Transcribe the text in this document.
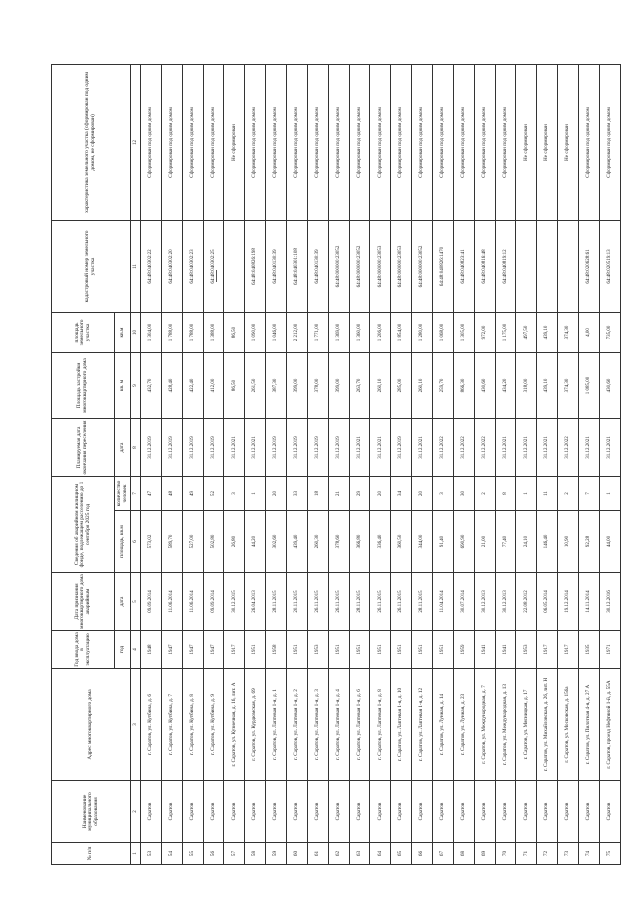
№ п/п	Наименование муниципального образования	Адрес многоквартирного дома	Год ввода дома в эксплуатацию	Дата признания многоквартирного дома аварийным	Сведения об аварийном жилищном фонде, подлежащем расселению до 1 сентября 2025 год		Планируемая дата окончания переселения	Площадь застройки многоквартирного дома	площадь земельного участка	кадастровый номер земельного участка	характеристика земельного участка (сформирован под одним домом, не сформирован)
			год	дата	площадь, кв.м	количество человек	дата	кв. м	кв.м		
1	2	3	4	5	6	7	8	9	10	11	12
53	Саратов	г. Саратов, ул. Кутбина, д. 6	1948	09.09.2014	573,02	47	31.12.2019	432,70	1 304,00	64:48:040302:22	Сформирован под одним домом
54	Саратов	г. Саратов, ул. Кутбина, д. 7	1947	11.06.2014	589,70	48	31.12.2019	428,40	1 788,00	64:48:040302:20	Сформирован под одним домом
55	Саратов	г. Саратов, ул. Кутбина, д. 8	1947	11.06.2014	527,00	49	31.12.2019	422,40	1 788,00	64:48:040302:23	Сформирован под одним домом
56	Саратов	г. Саратов, ул. Кутбина, д. 9	1947	09.09.2014	502,80	52	31.12.2019	412,00	1 388,00	64:48:040302:25	Сформирован под одним домом
57	Саратов	г. Саратов, ул. Кузнечная, д. 16, лит. А	1917	30.12.2015	26,80	3	31.12.2021	86,50	86,50		Не сформирован
58	Саратов	г. Саратов, ул. Курдюмская, д. 69	1951	26.04.2013	44,20	1	31.12.2021	261,50	1 090,00	64:48:040826:198	Сформирован под одним домом
59	Саратов	г. Саратов, ул. Лаптевая 1-я, д. 1	1958	28.11.2015	302,60	20	31.12.2019	387,30	1 046,00	64:48:040130:39	Сформирован под одним домом
60	Саратов	г. Саратов, ул. Лаптевая 1-я, д. 2	1951	20.11.2015	439,40	33	31.12.2019	399,00	2 212,00	64:48:040301:108	Сформирован под одним домом
61	Саратов	г. Саратов, ул. Лаптевая 1-я, д. 3	1953	26.11.2015	260,30	18	31.12.2019	378,00	1 771,00	64:48:040130:39	Сформирован под одним домом
62	Саратов	г. Саратов, ул. Лаптевая 1-я, д. 4	1951	26.11.2015	378,60	21	31.12.2019	399,00	1 369,00	64:48:000000:23052	Сформирован под одним домом
63	Саратов	г. Саратов, ул. Лаптевая 1-я, д. 6	1951	28.11.2015	366,80	29	31.12.2021	263,70	1 360,00	64:48:000000:23052	Сформирован под одним домом
64	Саратов	г. Саратов, ул. Лаптевая 1-я, д. 8	1951	26.11.2015	336,40	20	31.12.2021	260,10	1 206,00	64:48:000000:23053	Сформирован под одним домом
65	Саратов	г. Саратов, ул. Лаптевая 1-я, д. 10	1951	26.11.2015	360,50	34	31.12.2019	285,00	1 854,00	64:48:000000:23053	Сформирован под одним домом
66	Саратов	г. Саратов, ул. Лаптевая 1-я, д. 12	1951	28.11.2015	344,00	20	31.12.2021	260,10	1 280,00	64:48:000000:23052	Сформирован под одним домом
67	Саратов	г. Саратов, ул. Лунная, д. 14	1951	11.04.2014	91,40	3	31.12.2022	259,70	1 068,00	64:48:040826:1470	Сформирован под одним домом
68	Саратов	г. Саратов, ул. Лунная, д. 23	1959	30.07.2014	690,90	30	31.12.2022	866,30	1 305,00	64:48:040823:41	Сформирован под одним домом
69	Саратов	г. Саратов, ул. Международная, д. 7	1941	30.12.2013	21,00	2	31.12.2022	430,60	972,00	64:48:040816:48	Сформирован под одним домом
70	Саратов	г. Саратов, ул. Международная, д. 13	1941	30.12.2013	77,40	8	31.12.2021	434,20	1 175,00	64:48:040819:12	Сформирован под одним домом
71	Саратов	г. Саратов, ул. Мясницкая, д. 17	1953	22.08.2012	24,10	1	31.12.2021	318,00	497,50		Не сформирован
72	Саратов	г. Саратов, ул. Михайловская, д. 26, лит. Н	1917	06.05.2014	146,40	11	31.12.2021	439,10	439,10		Не сформирован
73	Саратов	г. Саратов, ул. Московская, д. 156а	1917	19.12.2014	10,90	2	31.12.2022	374,30	374,30		Не сформирован
74	Саратов	г. Саратов, ул. Пилотная 4-я, д. 27 А	1935	14.11.2014	92,28	7	31.12.2021	1 085,00	4,00	64:48:020628:61	Сформирован под одним домом
75	Саратов	г. Саратов, проезд Нефтяной 1-й, д. 55А	1971	30.12.2016	44,00	1	31.12.2021	430,60	735,00	64:48:020519:13	Сформирован под одним домом
